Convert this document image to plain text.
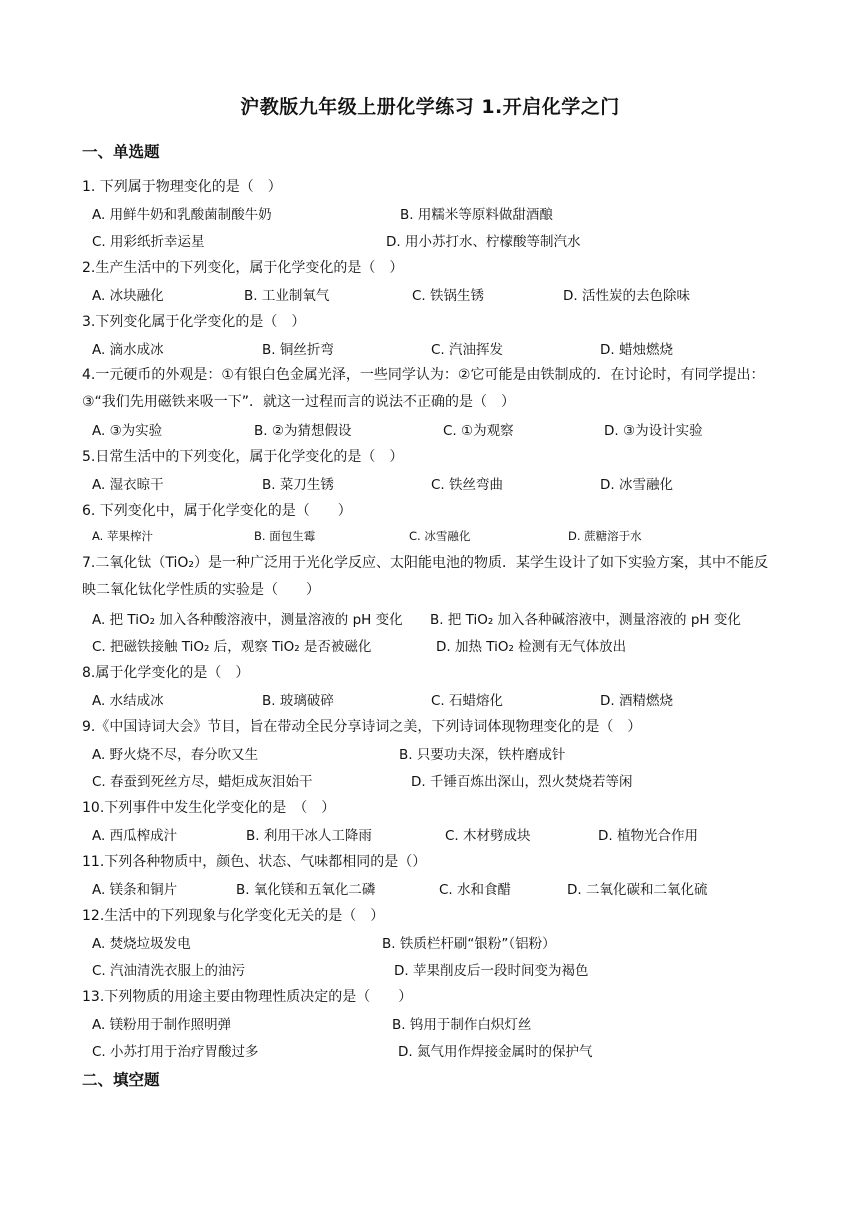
沪教版九年级上册化学练习 1.开启化学之门
一、单选题
1. 下列属于物理变化的是（　）
A. 用鲜牛奶和乳酸菌制酸牛奶	B. 用糯米等原料做甜酒酿
C. 用彩纸折幸运星	D. 用小苏打水、柠檬酸等制汽水
2.生产生活中的下列变化，属于化学变化的是（　）
A. 冰块融化	B. 工业制氧气	C. 铁锅生锈	D. 活性炭的去色除味
3.下列变化属于化学变化的是（　）
A. 滴水成冰	B. 铜丝折弯	C. 汽油挥发	D. 蜡烛燃烧
4.一元硬币的外观是：①有银白色金属光泽，一些同学认为：②它可能是由铁制成的．在讨论时，有同学提出：③“我们先用磁铁来吸一下”．就这一过程而言的说法不正确的是（　）
A. ③为实验	B. ②为猜想假设	C. ①为观察	D. ③为设计实验
5.日常生活中的下列变化，属于化学变化的是（　）
A. 湿衣晾干	B. 菜刀生锈	C. 铁丝弯曲	D. 冰雪融化
6. 下列变化中，属于化学变化的是（　　）
A. 苹果榨汁	B. 面包生霉	C. 冰雪融化	D. 蔗糖溶于水
7.二氧化钛（TiO₂）是一种广泛用于光化学反应、太阳能电池的物质．某学生设计了如下实验方案，其中不能反映二氧化钛化学性质的实验是（　　）
A. 把 TiO₂ 加入各种酸溶液中，测量溶液的 pH 变化 B. 把 TiO₂ 加入各种碱溶液中，测量溶液的 pH 变化
C. 把磁铁接触 TiO₂ 后，观察 TiO₂ 是否被磁化	D. 加热 TiO₂ 检测有无气体放出
8.属于化学变化的是（　）
A. 水结成冰	B. 玻璃破碎	C. 石蜡熔化	D. 酒精燃烧
9.《中国诗词大会》节目，旨在带动全民分享诗词之美，下列诗词体现物理变化的是（　）
A. 野火烧不尽，春分吹又生	B. 只要功夫深，铁杵磨成针
C. 春蚕到死丝方尽，蜡炬成灰泪始干	D. 千锤百炼出深山，烈火焚烧若等闲
10.下列事件中发生化学变化的是　（　）
A. 西瓜榨成汁	B. 利用干冰人工降雨	C. 木材劈成块	D. 植物光合作用
11.下列各种物质中，颜色、状态、气味都相同的是（）
A. 镁条和铜片	B. 氧化镁和五氧化二磷	C. 水和食醋	D. 二氧化碳和二氧化硫
12.生活中的下列现象与化学变化无关的是（　）
A. 焚烧垃圾发电	B. 铁质栏杆刷“银粉”（铝粉）
C. 汽油清洗衣服上的油污	D. 苹果削皮后一段时间变为褐色
13.下列物质的用途主要由物理性质决定的是（　　）
A. 镁粉用于制作照明弹	B. 钨用于制作白炽灯丝
C. 小苏打用于治疗胃酸过多	D. 氮气用作焊接金属时的保护气
二、填空题
